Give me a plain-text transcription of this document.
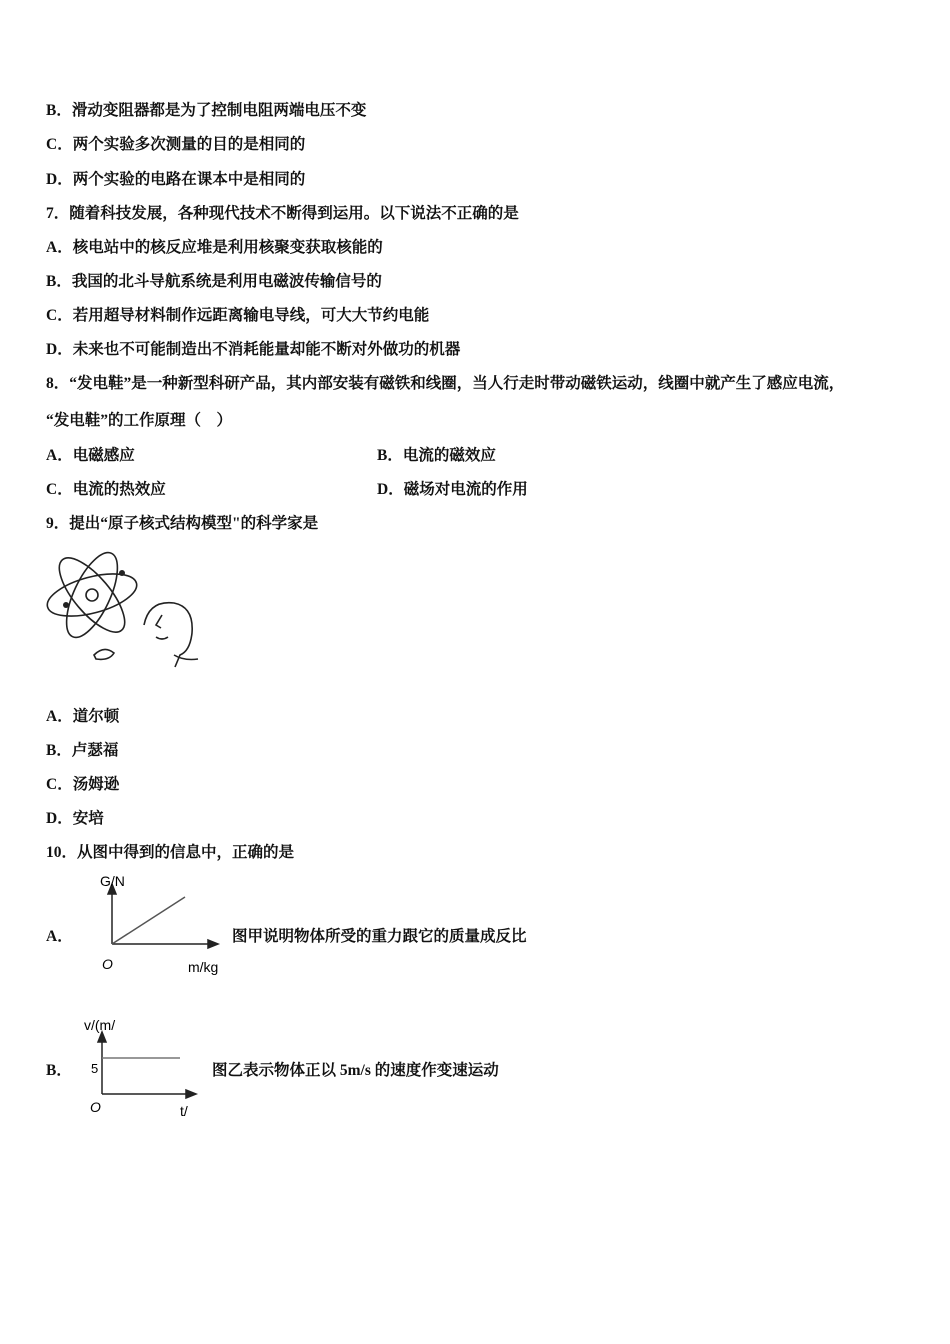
B．滑动变阻器都是为了控制电阻两端电压不变
C．两个实验多次测量的目的是相同的
D．两个实验的电路在课本中是相同的
7．随着科技发展，各种现代技术不断得到运用。以下说法不正确的是
A．核电站中的核反应堆是利用核聚变获取核能的
B．我国的北斗导航系统是利用电磁波传输信号的
C．若用超导材料制作远距离输电导线，可大大节约电能
D．未来也不可能制造出不消耗能量却能不断对外做功的机器
8．“发电鞋”是一种新型科研产品，其内部安装有磁铁和线圈，当人行走时带动磁铁运动，线圈中就产生了感应电流，
“发电鞋”的工作原理（　）
A．电磁感应	B．电流的磁效应
C．电流的热效应	D．磁场对电流的作用
9．提出“原子核式结构模型"的科学家是
A．道尔顿
B．卢瑟福
C．汤姆逊
D．安培
10．从图中得到的信息中，正确的是
A．
G/N
O	m/kg
图甲说明物体所受的重力跟它的质量成反比
B．
v/(m/
5
O	t/
图乙表示物体正以 5m/s 的速度作变速运动
